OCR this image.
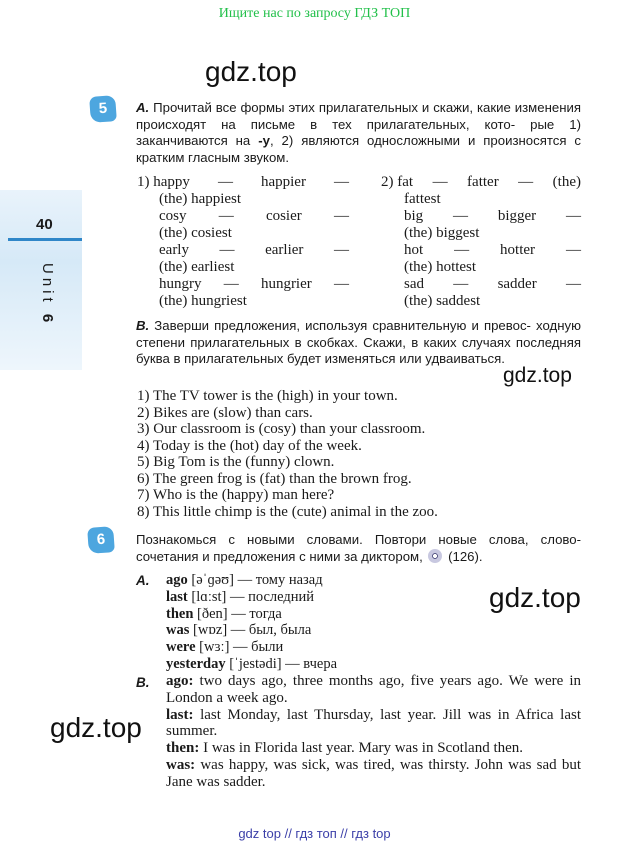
Ищите нас по запросу ГДЗ ТОП
gdz.top
40
Unit 6
5	A. Прочитай все формы этих прилагательных и скажи, какие изменения происходят на письме в тех прилагательных, кото- рые 1) заканчиваются на -y, 2) являются односложными и произносятся с кратким гласным звуком.
1) happy — happier —
(the) happiest
cosy — cosier —
(the) cosiest
early — earlier —
(the) earliest
hungry — hungrier —
(the) hungriest
2) fat — fatter — (the)
fattest
big — bigger —
(the) biggest
hot — hotter —
(the) hottest
sad — sadder —
(the) saddest
B. Заверши предложения, используя сравнительную и превос- ходную степени прилагательных в скобках. Скажи, в каких случаях последняя буква в прилагательных будет изменяться или удваиваться.
gdz.top
1) The TV tower is the (high) in your town.
2) Bikes are (slow) than cars.
3) Our classroom is (cosy) than your classroom.
4) Today is the (hot) day of the week.
5) Big Tom is the (funny) clown.
6) The green frog is (fat) than the brown frog.
7) Who is the (happy) man here?
8) This little chimp is the (cute) animal in the zoo.
6	Познакомься с новыми словами. Повтори новые слова, слово- сочетания и предложения с ними за диктором, (126).
A. ago [əˈɡəʊ] — тому назад
last [lɑːst] — последний
then [ðen] — тогда
was [wɒz] — был, была
were [wɜː] — были
yesterday [ˈjestədi] — вчера
gdz.top
B. ago: two days ago, three months ago, five years ago. We were in London a week ago.
last: last Monday, last Thursday, last year. Jill was in Africa last summer.
then: I was in Florida last year. Mary was in Scotland then.
was: was happy, was sick, was tired, was thirsty. John was sad but Jane was sadder.
gdz.top
gdz top // гдз топ // гдз top
